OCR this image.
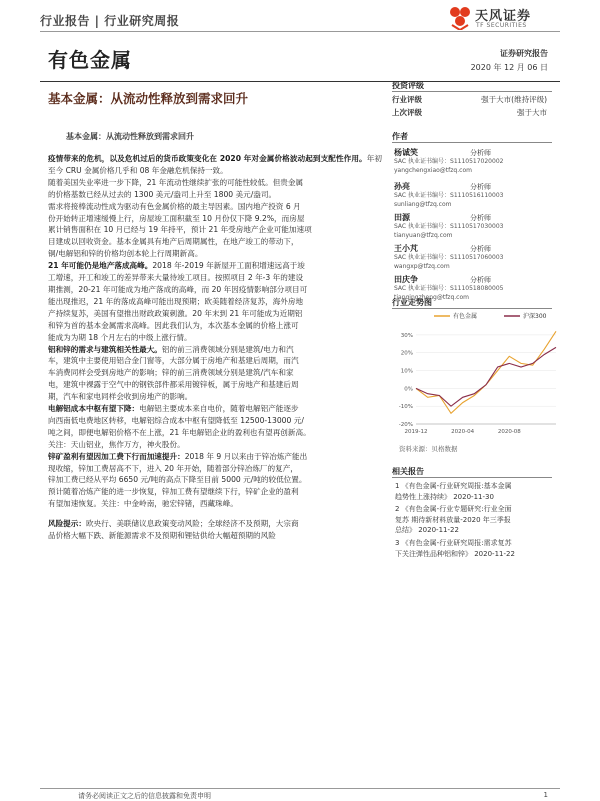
行业报告 | 行业研究周报	天风证券
TF SECURITIES
有色金属	证券研究报告
2020 年 12 月 06 日
基本金属：从流动性释放到需求回升
投资评级
行业评级	强于大市(维持评级)
上次评级	强于大市
基本金属：从流动性释放到需求回升

疫情带来的危机，以及危机过后的货币政策变化在 2020 年对金属价格波动起到支配性作用。年初至今 CRU 金属价格几乎和 08 年金融危机保持一致。
随着美国失业率进一步下降，21 年流动性继续扩张的可能性较低。但贵金属
的价格基数已经从过去的 1300 美元/盎司上升至 1800 美元/盎司。

需求将接棒流动性成为驱动有色金属价格的最主导因素。国内地产投资 6 月
份开始转正增速缓慢上行，房屋竣工面积截至 10 月份仅下降 9.2%，而房屋
累计销售面积在 10 月已经与 19 年持平，预计 21 年受房地产企业可能加速项
目建成以回收资金。基本金属具有地产后周期属性，在地产竣工的带动下，
铜/电解铝和锌的价格均创本轮上行周期新高。

21 年可能仍是地产落成高峰。2018 年-2019 年新屋开工面积增速远高于竣
工增速，开工和竣工的差异带来大量待竣工项目。按照项目 2 年-3 年的建设
期推测，20-21 年可能成为地产落成的高峰，而 20 年因疫情影响部分项目可
能出现推迟，21 年的落成高峰可能出现预期；欧美随着经济复苏，海外房地
产持续复苏，美国有望推出财政政策刺激。20 年末到 21 年可能成为近期铝
和锌为首的基本金属需求高峰。因此我们认为，本次基本金属的价格上涨可
能成为为期 18 个月左右的中级上涨行情。

铝和锌的需求与建筑相关性最大。铝的前三消费领域分别是建筑/电力和汽
车，建筑中主要使用铝合金门窗等，大部分属于房地产和基建后周期，而汽
车消费同样会受到房地产的影响；锌的前三消费领域分别是建筑/汽车和家
电，建筑中裸露于空气中的钢铁部件都采用镀锌板，属于房地产和基建后周
期，汽车和家电同样会收到房地产的影响。

电解铝成本中枢有望下降：电解铝主要成本来自电价，随着电解铝产能逐步
向西南低电费地区转移，电解铝综合成本中枢有望降低至 12500-13000 元/
吨之间，即便电解铝价格不在上涨，21 年电解铝企业的盈利也有望再创新高。
关注：天山铝业，焦作万方，神火股份。

锌矿盈利有望因加工费下行而加速提升：2018 年 9 月以来由于锌冶炼产能出
现收缩，锌加工费居高不下，进入 20 年开始，随着部分锌冶炼厂的复产，
锌加工费已经从平均 6650 元/吨的高点下降至目前 5000 元/吨的较低位置。
预计随着冶炼产能的进一步恢复，锌加工费有望继续下行，锌矿企业的盈利
有望加速恢复。关注：中金岭南，驰宏锌锗，西藏珠峰。

风险提示：欧央行、美联储议息政策变动风险；全球经济不及预期，大宗商
品价格大幅下跌、新能源需求不及预期和锂钴供给大幅超预期的风险

作者
杨诚笑	分析师
SAC 执业证书编号：S1110517020002
yangchengxiao@tfzq.com
孙亮	分析师
SAC 执业证书编号：S1110516110003
sunliang@tfzq.com
田源	分析师
SAC 执业证书编号：S1110517030003
tianyuan@tfzq.com
王小芃	分析师
SAC 执业证书编号：S1110517060003
wangxp@tfzq.com
田庆争	分析师
SAC 执业证书编号：S1110518080005
tianqingzheng@tfzq.com
行业走势图
-20%
-10%
0%
10%
20%
30%
2019-12	2020-04	2020-08
有色金属	沪深300
资料来源：贝格数据
相关报告
1 《有色金属-行业研究周报:基本金属
趋势性上涨持续》 2020-11-30
2 《有色金属-行业专题研究:行业全面
复苏 期待新材料放量-2020 年三季报
总结》 2020-11-22
3 《有色金属-行业研究周报:需求复苏
下关注弹性品种铝和锌》 2020-11-22
请务必阅读正文之后的信息披露和免责申明	1
